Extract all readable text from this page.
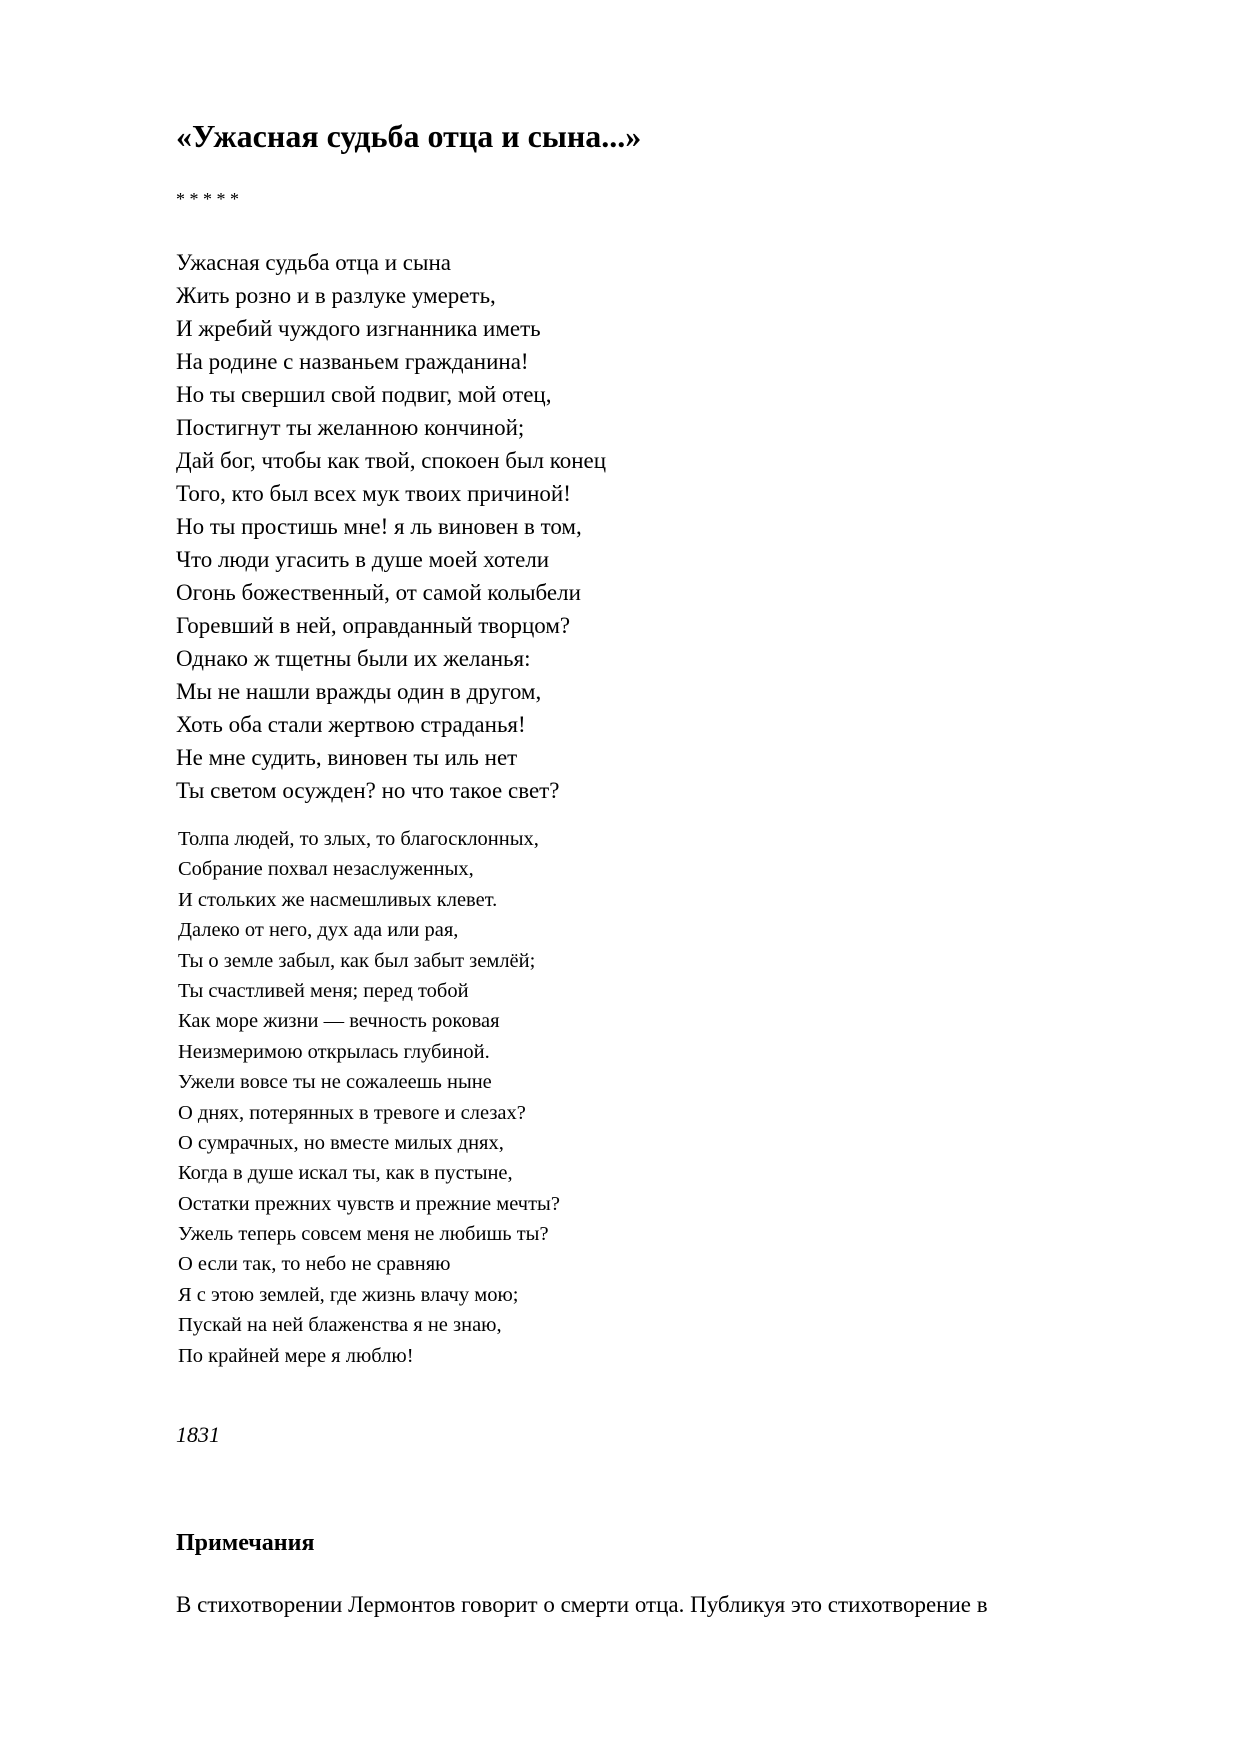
«Ужасная судьба отца и сына...»
* * * * *
Ужасная судьба отца и сына
Жить розно и в разлуке умереть,
И жребий чуждого изгнанника иметь
На родине с названьем гражданина!
Но ты свершил свой подвиг, мой отец,
Постигнут ты желанною кончиной;
Дай бог, чтобы как твой, спокоен был конец
Того, кто был всех мук твоих причиной!
Но ты простишь мне! я ль виновен в том,
Что люди угасить в душе моей хотели
Огонь божественный, от самой колыбели
Горевший в ней, оправданный творцом?
Однако ж тщетны были их желанья:
Мы не нашли вражды один в другом,
Хоть оба стали жертвою страданья!
Не мне судить, виновен ты иль нет
Ты светом осужден? но что такое свет?
Толпа людей, то злых, то благосклонных,
Собрание похвал незаслуженных,
И стольких же насмешливых клевет.
Далеко от него, дух ада или рая,
Ты о земле забыл, как был забыт землёй;
Ты счастливей меня; перед тобой
Как море жизни — вечность роковая
Неизмеримою открылась глубиной.
Ужели вовсе ты не сожалеешь ныне
О днях, потерянных в тревоге и слезах?
О сумрачных, но вместе милых днях,
Когда в душе искал ты, как в пустыне,
Остатки прежних чувств и прежние мечты?
Ужель теперь совсем меня не любишь ты?
О если так, то небо не сравняю
Я с этою землей, где жизнь влачу мою;
Пускай на ней блаженства я не знаю,
По крайней мере я люблю!
1831
Примечания

В стихотворении Лермонтов говорит о смерти отца. Публикуя это стихотворение в
